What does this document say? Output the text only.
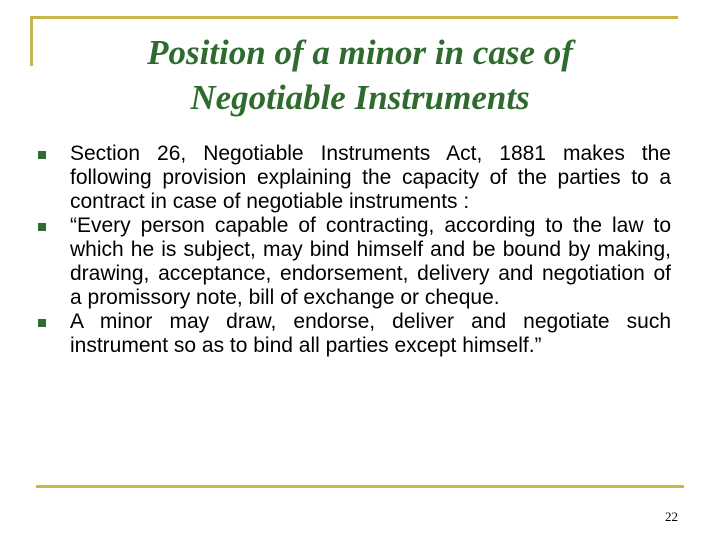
Position of a minor in case of
Negotiable Instruments
Section 26, Negotiable Instruments Act, 1881 makes the following provision explaining the capacity of the parties to a contract in case of negotiable instruments :
“Every person capable of contracting, according to the law to which he is subject, may bind himself and be bound by making, drawing, acceptance, endorsement, delivery and negotiation of a promissory note, bill of exchange or cheque.
A minor may draw, endorse, deliver and negotiate such instrument so as to bind all parties except himself.”
22
